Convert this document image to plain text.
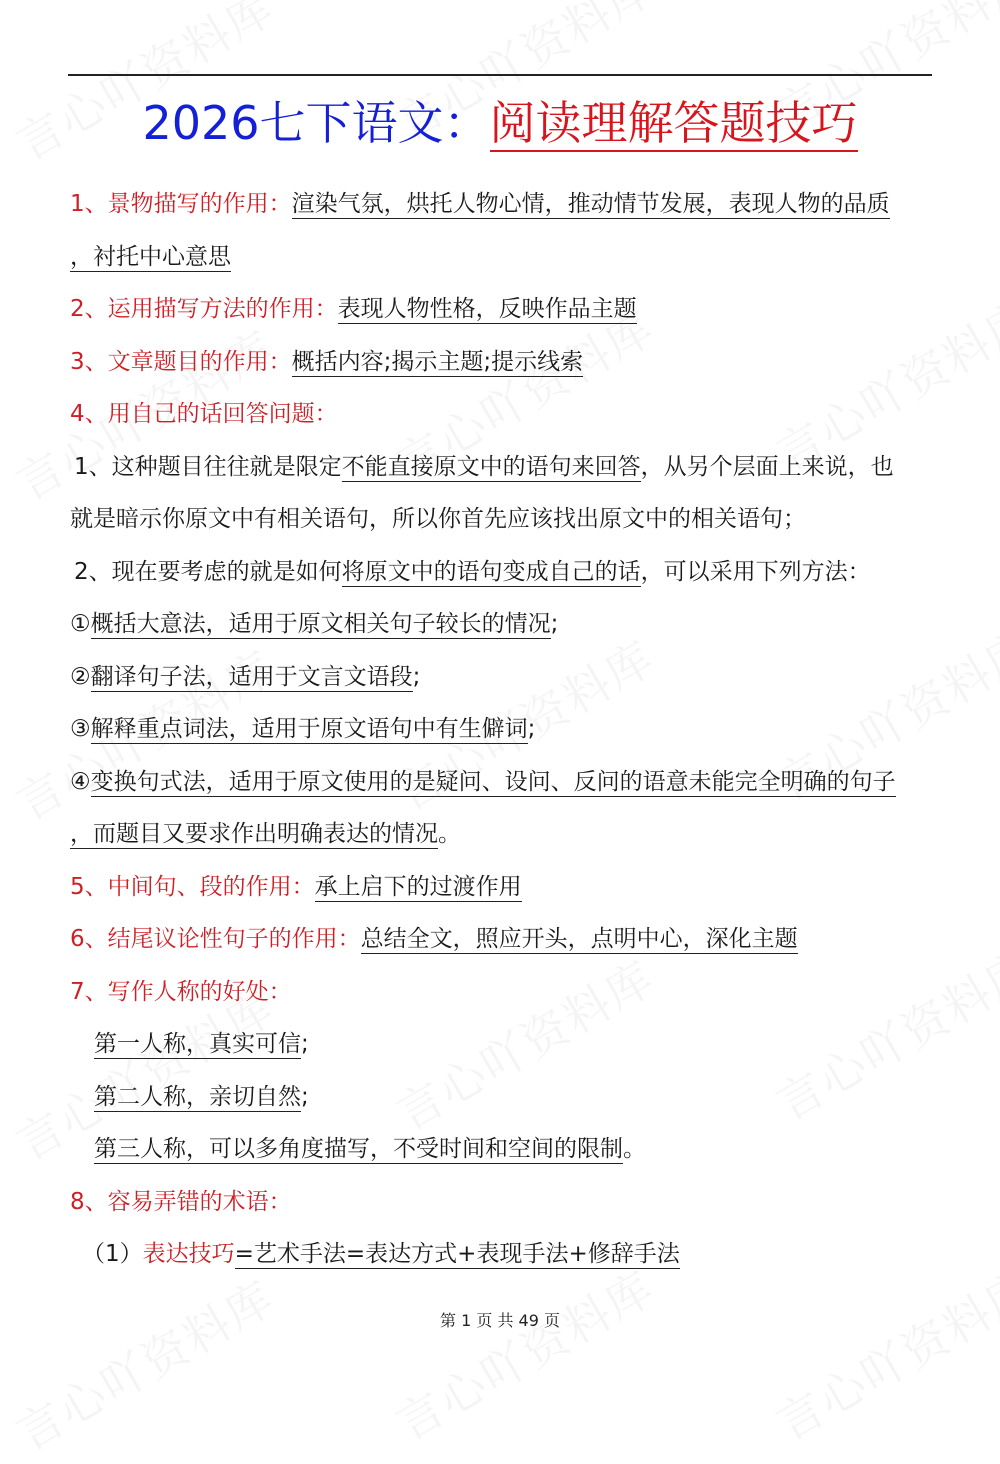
2026七下语文：阅读理解答题技巧
1、景物描写的作用：渲染气氛，烘托人物心情，推动情节发展，表现人物的品质
，衬托中心意思
2、运用描写方法的作用：表现人物性格，反映作品主题
3、文章题目的作用：概括内容;揭示主题;提示线索
4、用自己的话回答问题：
1、这种题目往往就是限定不能直接原文中的语句来回答，从另个层面上来说，也
就是暗示你原文中有相关语句，所以你首先应该找出原文中的相关语句；
2、现在要考虑的就是如何将原文中的语句变成自己的话，可以采用下列方法：
①概括大意法，适用于原文相关句子较长的情况;
②翻译句子法，适用于文言文语段;
③解释重点词法，适用于原文语句中有生僻词;
④变换句式法，适用于原文使用的是疑问、设问、反问的语意未能完全明确的句子
，而题目又要求作出明确表达的情况。
5、中间句、段的作用：承上启下的过渡作用
6、结尾议论性句子的作用：总结全文，照应开头，点明中心，深化主题
7、写作人称的好处：
第一人称，真实可信;
第二人称，亲切自然;
第三人称，可以多角度描写，不受时间和空间的限制。
8、容易弄错的术语：
（1）表达技巧=艺术手法=表达方式+表现手法+修辞手法
第 1 页 共 49 页
